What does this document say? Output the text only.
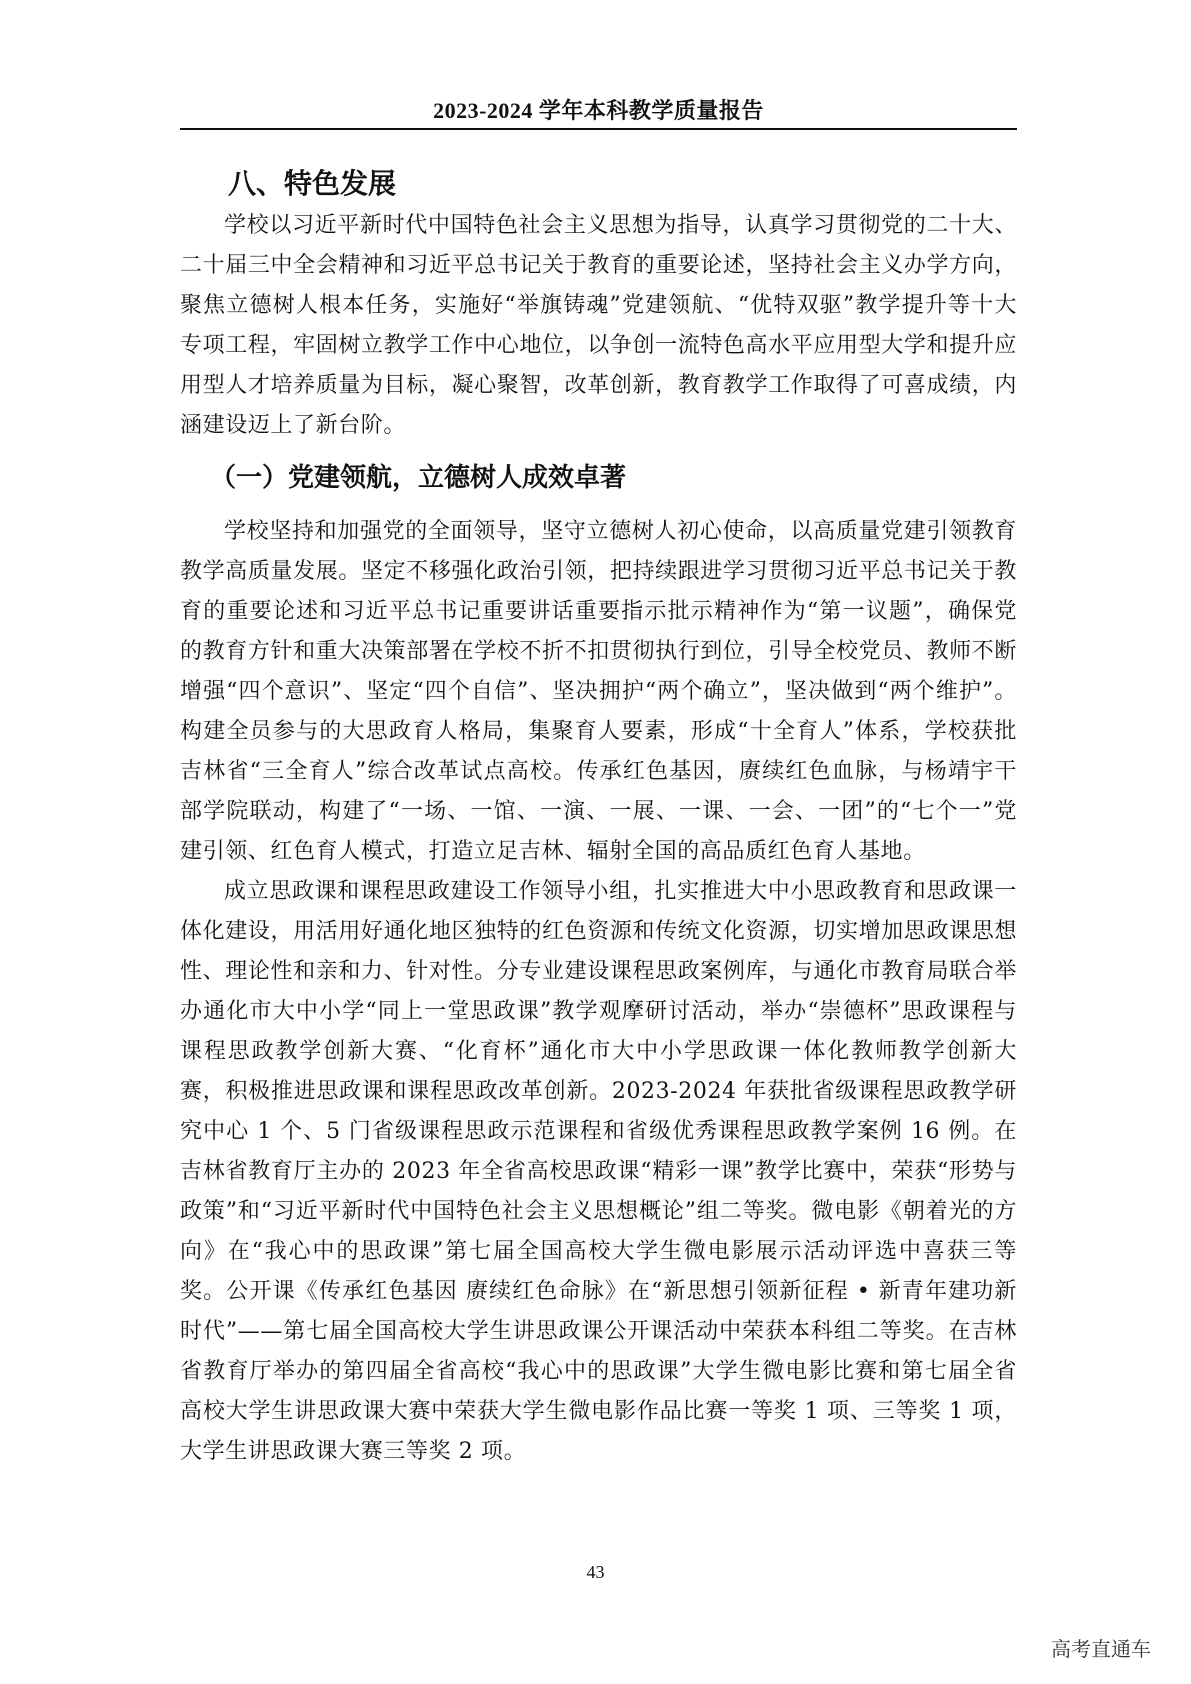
2023-2024 学年本科教学质量报告
八、特色发展

学校以习近平新时代中国特色社会主义思想为指导，认真学习贯彻党的二十大、二十届三中全会精神和习近平总书记关于教育的重要论述，坚持社会主义办学方向，聚焦立德树人根本任务，实施好“举旗铸魂”党建领航、“优特双驱”教学提升等十大专项工程，牢固树立教学工作中心地位，以争创一流特色高水平应用型大学和提升应用型人才培养质量为目标，凝心聚智，改革创新，教育教学工作取得了可喜成绩，内涵建设迈上了新台阶。

（一）党建领航，立德树人成效卓著

学校坚持和加强党的全面领导，坚守立德树人初心使命，以高质量党建引领教育教学高质量发展。坚定不移强化政治引领，把持续跟进学习贯彻习近平总书记关于教育的重要论述和习近平总书记重要讲话重要指示批示精神作为“第一议题”，确保党的教育方针和重大决策部署在学校不折不扣贯彻执行到位，引导全校党员、教师不断增强“四个意识”、坚定“四个自信”、坚决拥护“两个确立”，坚决做到“两个维护”。构建全员参与的大思政育人格局，集聚育人要素，形成“十全育人”体系，学校获批吉林省“三全育人”综合改革试点高校。传承红色基因，赓续红色血脉，与杨靖宇干部学院联动，构建了“一场、一馆、一演、一展、一课、一会、一团”的“七个一”党建引领、红色育人模式，打造立足吉林、辐射全国的高品质红色育人基地。

成立思政课和课程思政建设工作领导小组，扎实推进大中小思政教育和思政课一体化建设，用活用好通化地区独特的红色资源和传统文化资源，切实增加思政课思想性、理论性和亲和力、针对性。分专业建设课程思政案例库，与通化市教育局联合举办通化市大中小学“同上一堂思政课”教学观摩研讨活动，举办“崇德杯”思政课程与课程思政教学创新大赛、“化育杯”通化市大中小学思政课一体化教师教学创新大赛，积极推进思政课和课程思政改革创新。2023-2024 年获批省级课程思政教学研究中心 1 个、5 门省级课程思政示范课程和省级优秀课程思政教学案例 16 例。在吉林省教育厅主办的 2023 年全省高校思政课“精彩一课”教学比赛中，荣获“形势与政策”和“习近平新时代中国特色社会主义思想概论”组二等奖。微电影《朝着光的方向》在“我心中的思政课”第七届全国高校大学生微电影展示活动评选中喜获三等奖。公开课《传承红色基因 赓续红色命脉》在“新思想引领新征程 • 新青年建功新时代”——第七届全国高校大学生讲思政课公开课活动中荣获本科组二等奖。在吉林省教育厅举办的第四届全省高校“我心中的思政课”大学生微电影比赛和第七届全省高校大学生讲思政课大赛中荣获大学生微电影作品比赛一等奖 1 项、三等奖 1 项，大学生讲思政课大赛三等奖 2 项。

43
高考直通车
